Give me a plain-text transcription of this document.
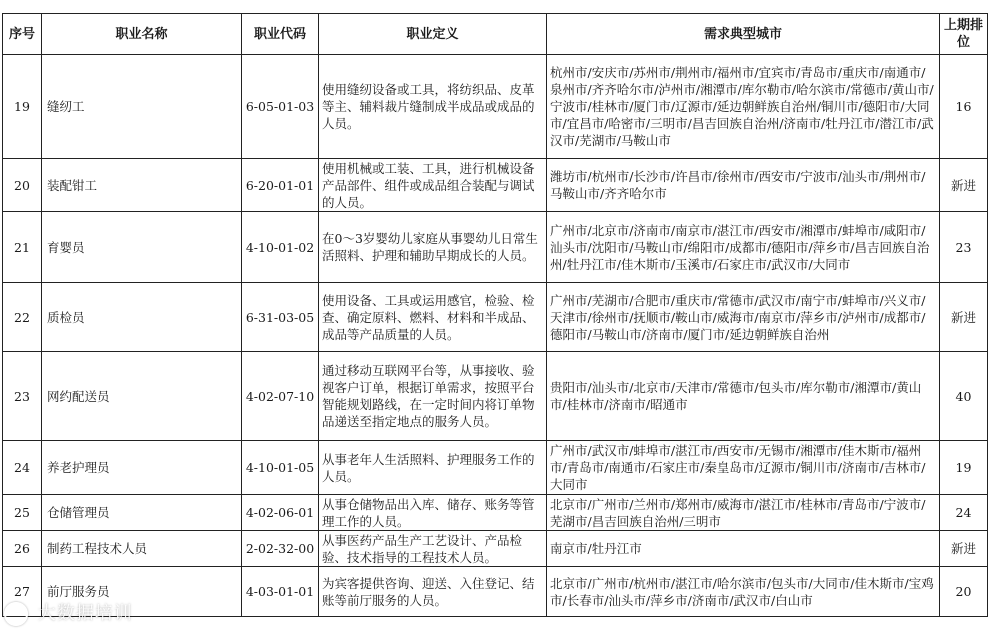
序号	职业名称	职业代码	职业定义	需求典型城市	上期排位
19	缝纫工	6-05-01-03	使用缝纫设备或工具，将纺织品、皮革等主、辅料裁片缝制成半成品或成品的人员。	杭州市/安庆市/苏州市/荆州市/福州市/宜宾市/青岛市/重庆市/南通市/泉州市/齐齐哈尔市/泸州市/湘潭市/库尔勒市/哈尔滨市/常德市/黄山市/宁波市/桂林市/厦门市/辽源市/延边朝鲜族自治州/铜川市/德阳市/大同市/宜昌市/哈密市/三明市/昌吉回族自治州/济南市/牡丹江市/潜江市/武汉市/芜湖市/马鞍山市	16
20	装配钳工	6-20-01-01	使用机械或工装、工具，进行机械设备产品部件、组件或成品组合装配与调试的人员。	潍坊市/杭州市/长沙市/许昌市/徐州市/西安市/宁波市/汕头市/荆州市/马鞍山市/齐齐哈尔市	新进
21	育婴员	4-10-01-02	在0～3岁婴幼儿家庭从事婴幼儿日常生活照料、护理和辅助早期成长的人员。	广州市/北京市/济南市/南京市/湛江市/西安市/湘潭市/蚌埠市/咸阳市/汕头市/沈阳市/马鞍山市/绵阳市/成都市/德阳市/萍乡市/昌吉回族自治州/牡丹江市/佳木斯市/玉溪市/石家庄市/武汉市/大同市	23
22	质检员	6-31-03-05	使用设备、工具或运用感官，检验、检查、确定原料、燃料、材料和半成品、成品等产品质量的人员。	广州市/芜湖市/合肥市/重庆市/常德市/武汉市/南宁市/蚌埠市/兴义市/天津市/徐州市/抚顺市/鞍山市/威海市/南京市/萍乡市/泸州市/成都市/德阳市/马鞍山市/济南市/厦门市/延边朝鲜族自治州	新进
23	网约配送员	4-02-07-10	通过移动互联网平台等，从事接收、验视客户订单，根据订单需求，按照平台智能规划路线，在一定时间内将订单物品递送至指定地点的服务人员。	贵阳市/汕头市/北京市/天津市/常德市/包头市/库尔勒市/湘潭市/黄山市/桂林市/济南市/昭通市	40
24	养老护理员	4-10-01-05	从事老年人生活照料、护理服务工作的人员。	广州市/武汉市/蚌埠市/湛江市/西安市/无锡市/湘潭市/佳木斯市/福州市/青岛市/南通市/石家庄市/秦皇岛市/辽源市/铜川市/济南市/吉林市/大同市	19
25	仓储管理员	4-02-06-01	从事仓储物品出入库、储存、账务等管理工作的人员。	北京市/广州市/兰州市/郑州市/威海市/湛江市/桂林市/青岛市/宁波市/芜湖市/昌吉回族自治州/三明市	24
26	制药工程技术人员	2-02-32-00	从事医药产品生产工艺设计、产品检验、技术指导的工程技术人员。	南京市/牡丹江市	新进
27	前厅服务员	4-03-01-01	为宾客提供咨询、迎送、入住登记、结账等前厅服务的人员。	北京市/广州市/杭州市/湛江市/哈尔滨市/包头市/大同市/佳木斯市/宝鸡市/长春市/汕头市/萍乡市/济南市/武汉市/白山市	20
大数据培训
